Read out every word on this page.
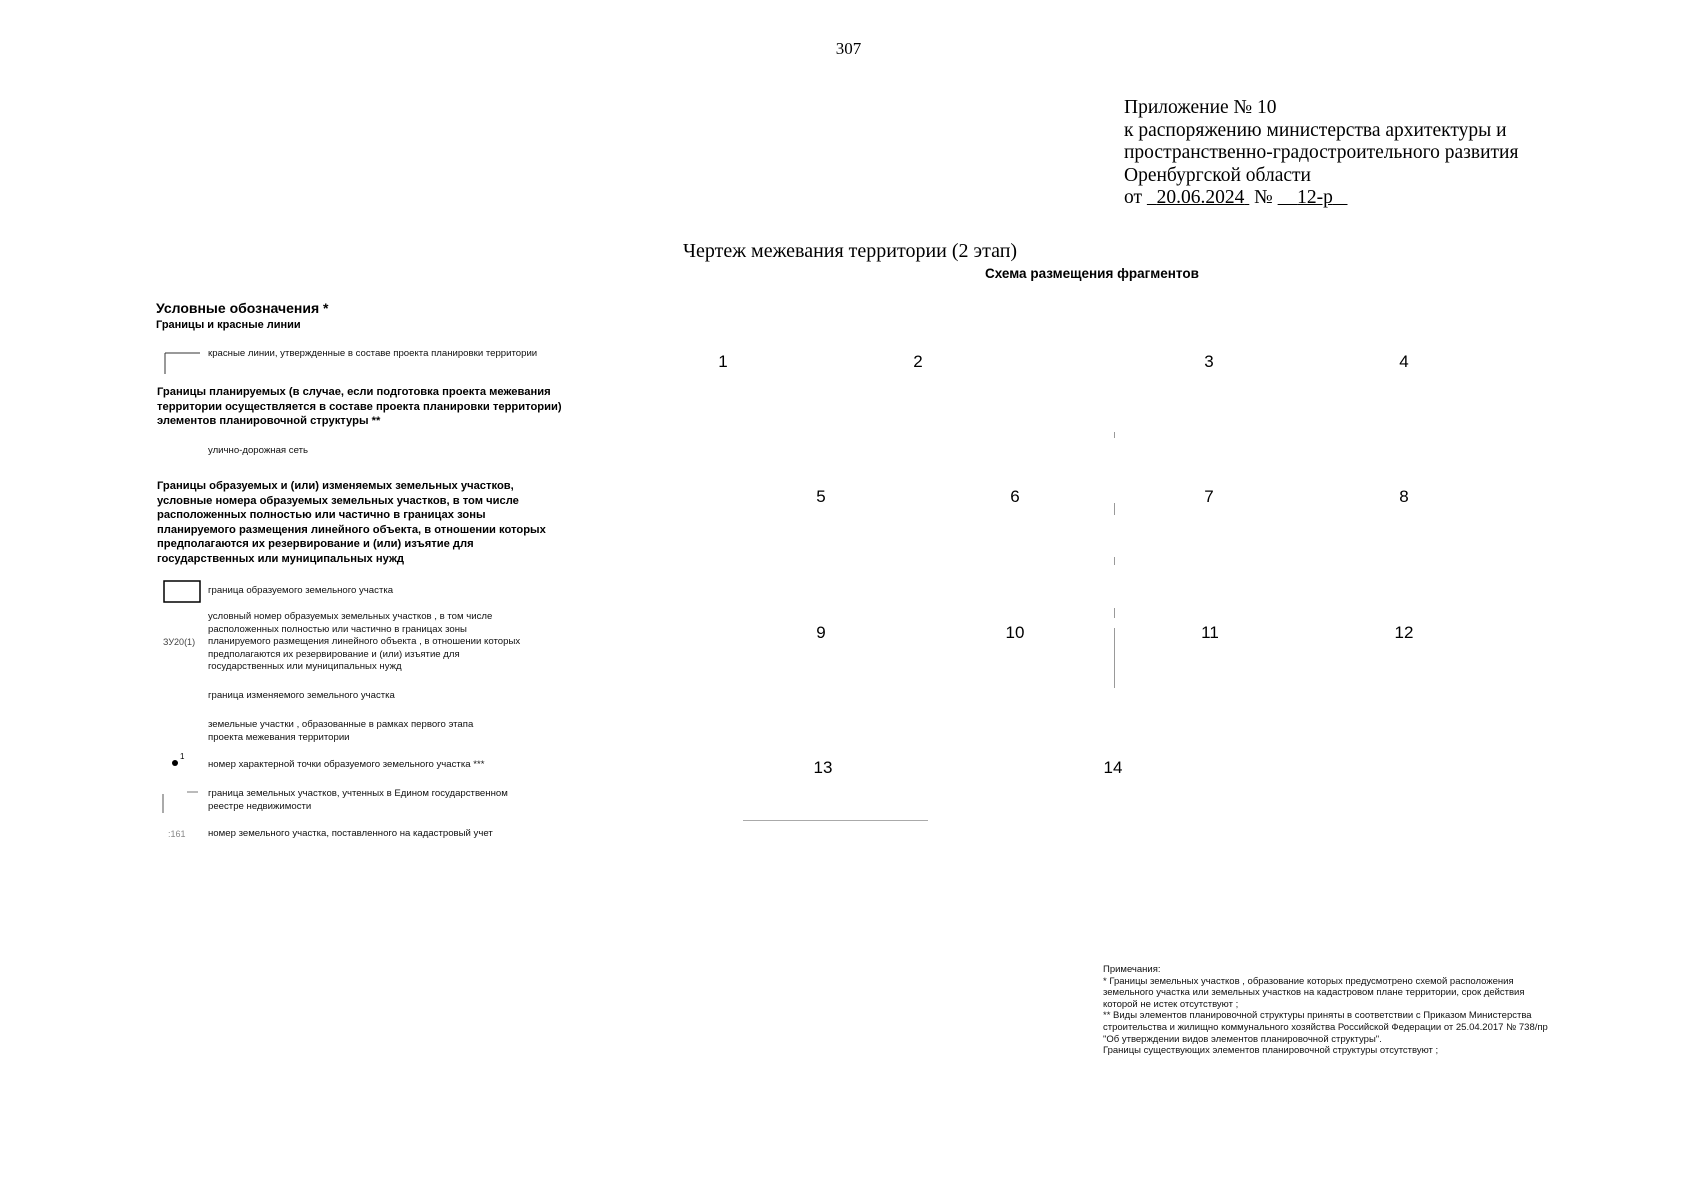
307
Приложение № 10
к распоряжению министерства архитектуры и
пространственно-градостроительного развития
Оренбургской области
от 20.06.2024 № 12-р
Чертеж межевания территории (2 этап)
Схема размещения фрагментов
Условные обозначения *
Границы и красные линии
красные линии, утвержденные в составе проекта планировки территории
Границы планируемых (в случае, если подготовка проекта межевания территории осуществляется в составе проекта планировки территории) элементов планировочной структуры **
улично-дорожная сеть
Границы образуемых и (или) изменяемых земельных участков, условные номера образуемых земельных участков, в том числе расположенных полностью или частично в границах зоны планируемого размещения линейного объекта, в отношении которых предполагаются их резервирование и (или) изъятие для государственных или муниципальных нужд
граница образуемого земельного участка
ЗУ20(1)
условный номер образуемых земельных участков , в том числе расположенных полностью или частично в границах зоны планируемого размещения линейного объекта , в отношении которых предполагаются их резервирование и (или) изъятие для государственных или муниципальных нужд
граница изменяемого земельного участка
земельные участки , образованные в рамках первого этапа проекта межевания территории
1
номер характерной точки образуемого земельного участка ***
граница земельных участков, учтенных в Едином государственном реестре недвижимости
:161 номер земельного участка, поставленного на кадастровый учет
1	2	3	4
5	6	7	8
9	10	11	12
13	14
Примечания:
* Границы земельных участков , образование которых предусмотрено схемой расположения земельного участка или земельных участков на кадастровом плане территории, срок действия которой не истек отсутствуют ;
** Виды элементов планировочной структуры приняты в соответствии с Приказом Министерства строительства и жилищно коммунального хозяйства Российской Федерации от 25.04.2017 № 738/пр "Об утверждении видов элементов планировочной структуры".
Границы существующих элементов планировочной структуры отсутствуют ;
